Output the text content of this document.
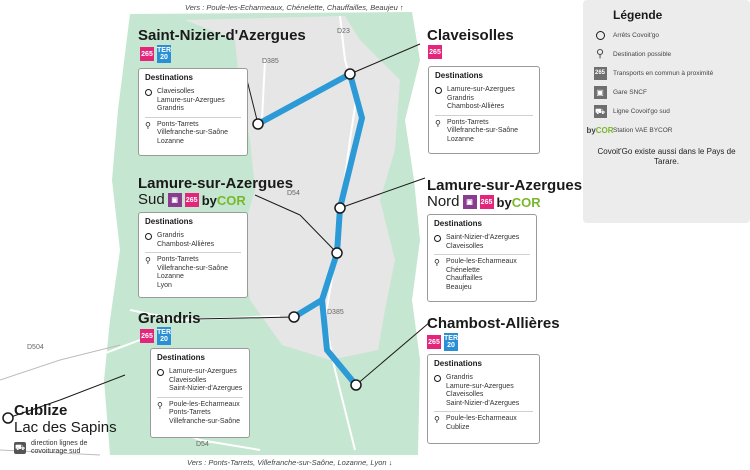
D23
D385
D54
D385
D504
D54
Vers : Poule-les-Echarmeaux, Chénelette, Chauffailles, Beaujeu ↑
Vers : Ponts-Tarrets, Villefranche-sur-Saône, Lozanne, Lyon ↓
Saint-Nizier-d'Azergues
265 TER
20
Destinations
Claveisolles
Lamure-sur-Azergues
Grandris
⚲ Ponts-Tarrets
Villefranche-sur-Saône
Lozanne
Claveisolles
265
Destinations
Lamure-sur-Azergues
Grandris
Chambost-Allières
⚲ Ponts-Tarrets
Villefranche-sur-Saône
Lozanne
Lamure-sur-Azergues
Sud ▣	265 by COR
Destinations
Grandris
Chambost-Allières
⚲ Ponts-Tarrets
Villefranche-sur-Saône
Lozanne
Lyon
Lamure-sur-Azergues
Nord ▣	265 by COR
Destinations
Saint-Nizier-d'Azergues
Claveisolles
⚲ Poule-les-Echarmeaux
Chénelette
Chauffailles
Beaujeu
Grandris
265 TER
20
Destinations
Lamure-sur-Azergues
Claveisolles
Saint-Nizier-d'Azergues
⚲ Poule-les-Echarmeaux
Ponts-Tarrets
Villefranche-sur-Saône
Chambost-Allières
265 TER
20
Destinations
Grandris
Lamure-sur-Azergues
Claveisolles
Saint-Nizier-d'Azergues
⚲ Poule-les-Echarmeaux
Cublize
Cublize
Lac des Sapins
⛟ direction lignes de covoiturage sud
Légende
Arrêts Covoit'go
⚲	Destination possible
265 Transports en commun à proximité
▣	Gare SNCF
⛟ Ligne Covoit'go sud
byCOR Station VAE BYCOR
Covoit'Go existe aussi dans le Pays de Tarare.
